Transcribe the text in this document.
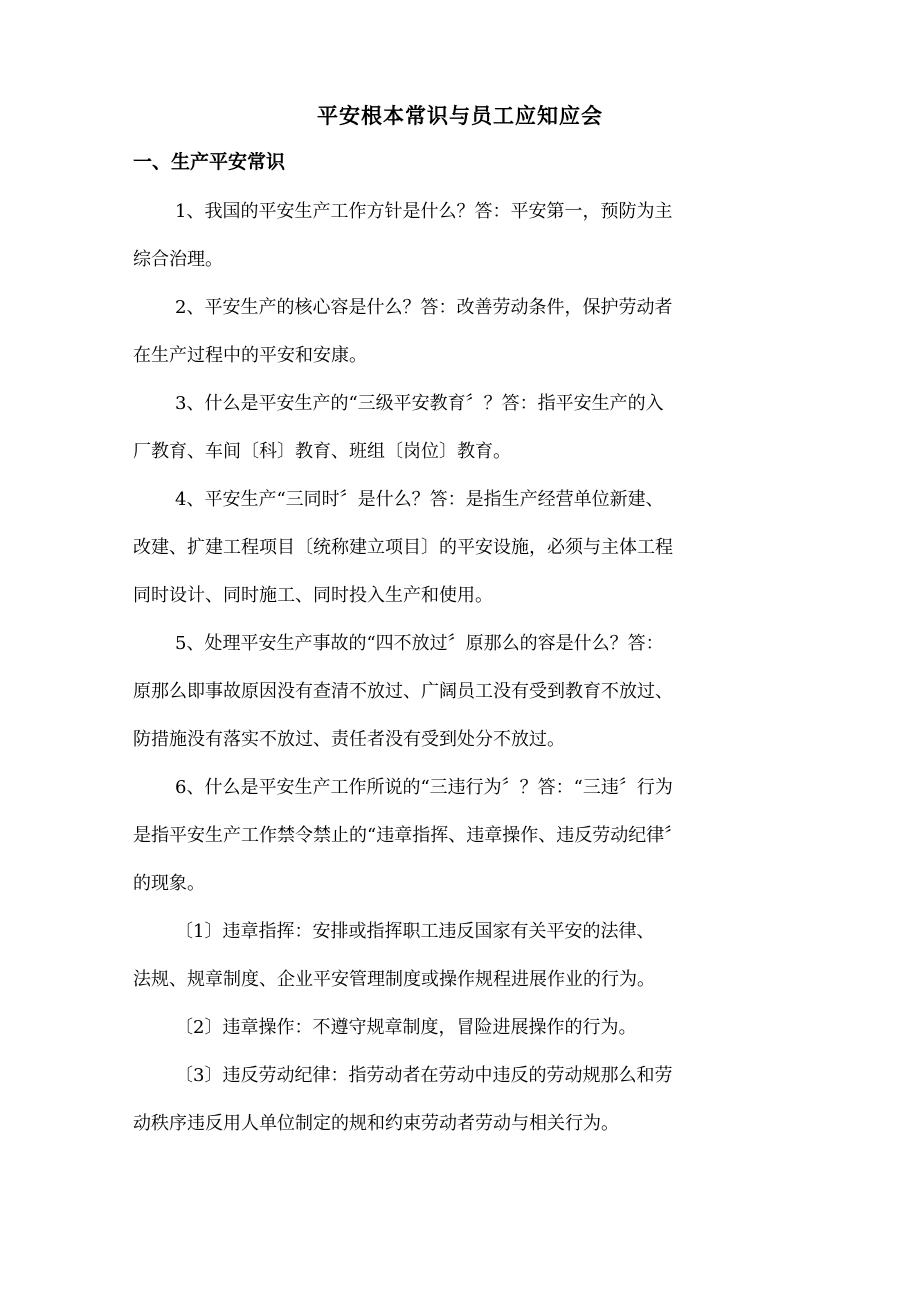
平安根本常识与员工应知应会
一、生产平安常识
1、我国的平安生产工作方针是什么？答：平安第一，预防为主
综合治理。
2、平安生产的核心容是什么？答：改善劳动条件，保护劳动者
在生产过程中的平安和安康。
3、什么是平安生产的“三级平安教育〞？答：指平安生产的入
厂教育、车间〔科〕教育、班组〔岗位〕教育。
4、平安生产“三同时〞是什么？答：是指生产经营单位新建、
改建、扩建工程项目〔统称建立项目〕的平安设施，必须与主体工程
同时设计、同时施工、同时投入生产和使用。
5、处理平安生产事故的“四不放过〞原那么的容是什么？答：
原那么即事故原因没有查清不放过、广阔员工没有受到教育不放过、
防措施没有落实不放过、责任者没有受到处分不放过。
6、什么是平安生产工作所说的“三违行为〞？答：“三违〞行为
是指平安生产工作禁令禁止的“违章指挥、违章操作、违反劳动纪律〞
的现象。
〔1〕违章指挥：安排或指挥职工违反国家有关平安的法律、
法规、规章制度、企业平安管理制度或操作规程进展作业的行为。
〔2〕违章操作：不遵守规章制度，冒险进展操作的行为。
〔3〕违反劳动纪律：指劳动者在劳动中违反的劳动规那么和劳
动秩序违反用人单位制定的规和约束劳动者劳动与相关行为。
